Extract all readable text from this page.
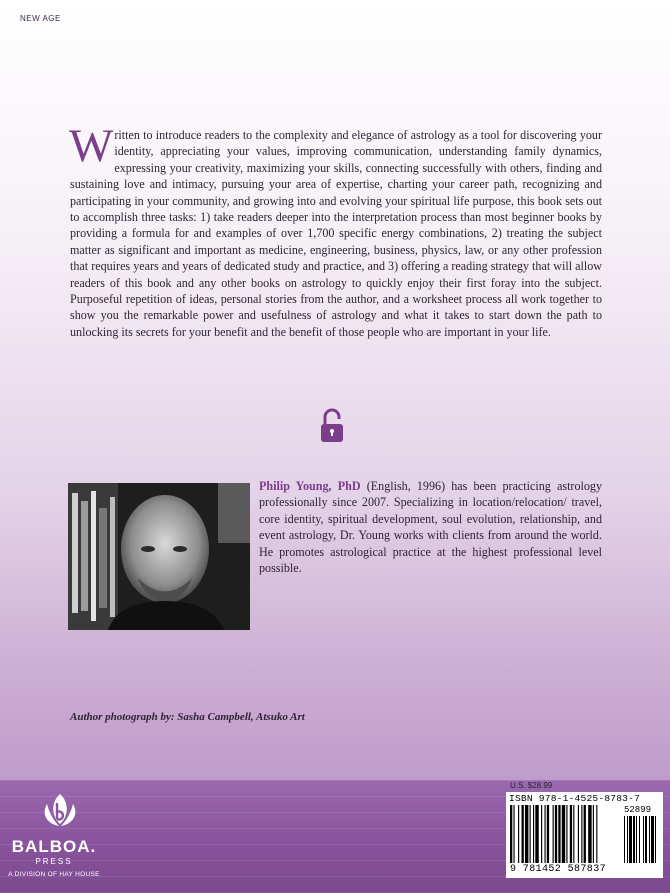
NEW AGE
Written to introduce readers to the complexity and elegance of astrology as a tool for discovering your identity, appreciating your values, improving communication, understanding family dynamics, expressing your creativity, maximizing your skills, connecting successfully with others, finding and sustaining love and intimacy, pursuing your area of expertise, charting your career path, recognizing and participating in your community, and growing into and evolving your spiritual life purpose, this book sets out to accomplish three tasks: 1) take readers deeper into the interpretation process than most beginner books by providing a formula for and examples of over 1,700 specific energy combinations, 2) treating the subject matter as significant and important as medicine, engineering, business, physics, law, or any other profession that requires years and years of dedicated study and practice, and 3) offering a reading strategy that will allow readers of this book and any other books on astrology to quickly enjoy their first foray into the subject. Purposeful repetition of ideas, personal stories from the author, and a worksheet process all work together to show you the remarkable power and usefulness of astrology and what it takes to start down the path to unlocking its secrets for your benefit and the benefit of those people who are important in your life.
Philip Young, PhD (English, 1996) has been practicing astrology professionally since 2007. Specializing in location/relocation/ travel, core identity, spiritual development, soul evolution, relationship, and event astrology, Dr. Young works with clients from around the world. He promotes astrological practice at the highest professional level possible.
Author photograph by: Sasha Campbell, Atsuko Art
BALBOA.
PRESS
A DIVISION OF HAY HOUSE
U.S. $28.99
ISBN 978-1-4525-8783-7
52899
9 781452 587837
